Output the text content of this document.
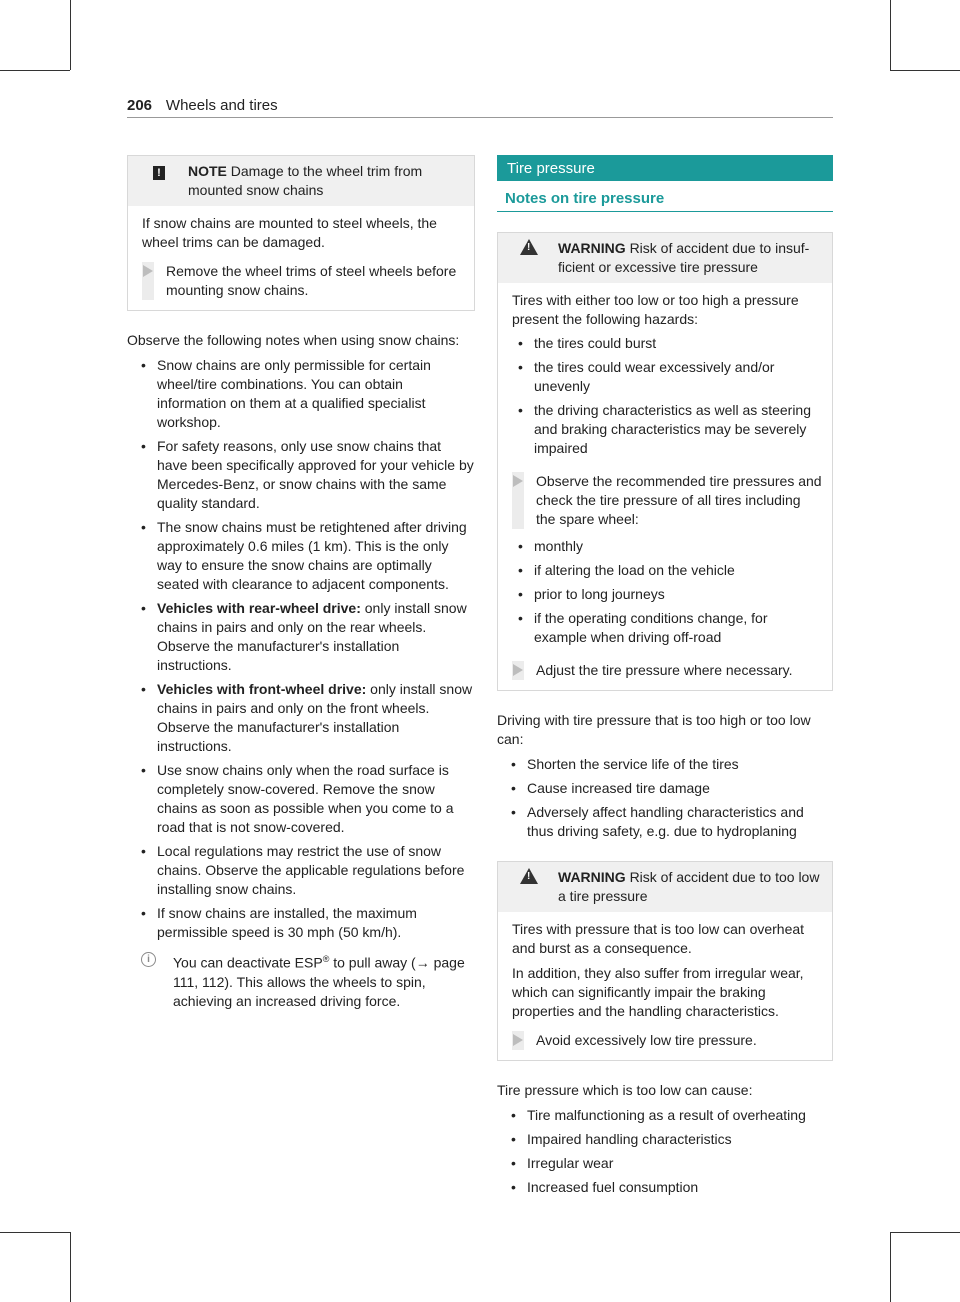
206 Wheels and tires
!	NOTE Damage to the wheel trim from
mounted snow chains

If snow chains are mounted to steel wheels, the wheel trims can be damaged.

Remove the wheel trims of steel wheels before mounting snow chains.

Observe the following notes when using snow chains:

• Snow chains are only permissible for certain wheel/tire combinations. You can obtain information on them at a qualified specialist workshop.
• For safety reasons, only use snow chains that have been specifically approved for your vehicle by Mercedes-Benz, or snow chains with the same quality standard.
• The snow chains must be retightened after driving approximately 0.6 miles (1 km). This is the only way to ensure the snow chains are optimally seated with clearance to adjacent components.
• Vehicles with rear-wheel drive: only install snow chains in pairs and only on the rear wheels. Observe the manufacturer's installation instructions.
• Vehicles with front-wheel drive: only install snow chains in pairs and only on the front wheels. Observe the manufacturer's installation instructions.
• Use snow chains only when the road surface is completely snow-covered. Remove the snow chains as soon as possible when you come to a road that is not snow-covered.
• Local regulations may restrict the use of snow chains. Observe the applicable regulations before installing snow chains.
• If snow chains are installed, the maximum permissible speed is 30 mph (50 km/h).
i	You can deactivate ESP® to pull away (→ page 111, 112). This allows the wheels to spin, achieving an increased driving force.
Tire pressure
Notes on tire pressure
!
WARNING Risk of accident due to insufficient or excessive tire pressure

Tires with either too low or too high a pressure present the following hazards:

• the tires could burst
• the tires could wear excessively and/or unevenly
• the driving characteristics as well as steering and braking characteristics may be severely impaired
Observe the recommended tire pressures and check the tire pressure of all tires including the spare wheel:
• monthly
• if altering the load on the vehicle
• prior to long journeys
• if the operating conditions change, for example when driving off-road
Adjust the tire pressure where necessary.

Driving with tire pressure that is too high or too low can:

• Shorten the service life of the tires
• Cause increased tire damage
• Adversely affect handling characteristics and thus driving safety, e.g. due to hydroplaning
!
WARNING Risk of accident due to too low a tire pressure

Tires with pressure that is too low can overheat and burst as a consequence.

In addition, they also suffer from irregular wear, which can significantly impair the braking properties and the handling characteristics.

Avoid excessively low tire pressure.

Tire pressure which is too low can cause:

• Tire malfunctioning as a result of overheating
• Impaired handling characteristics
• Irregular wear
• Increased fuel consumption
